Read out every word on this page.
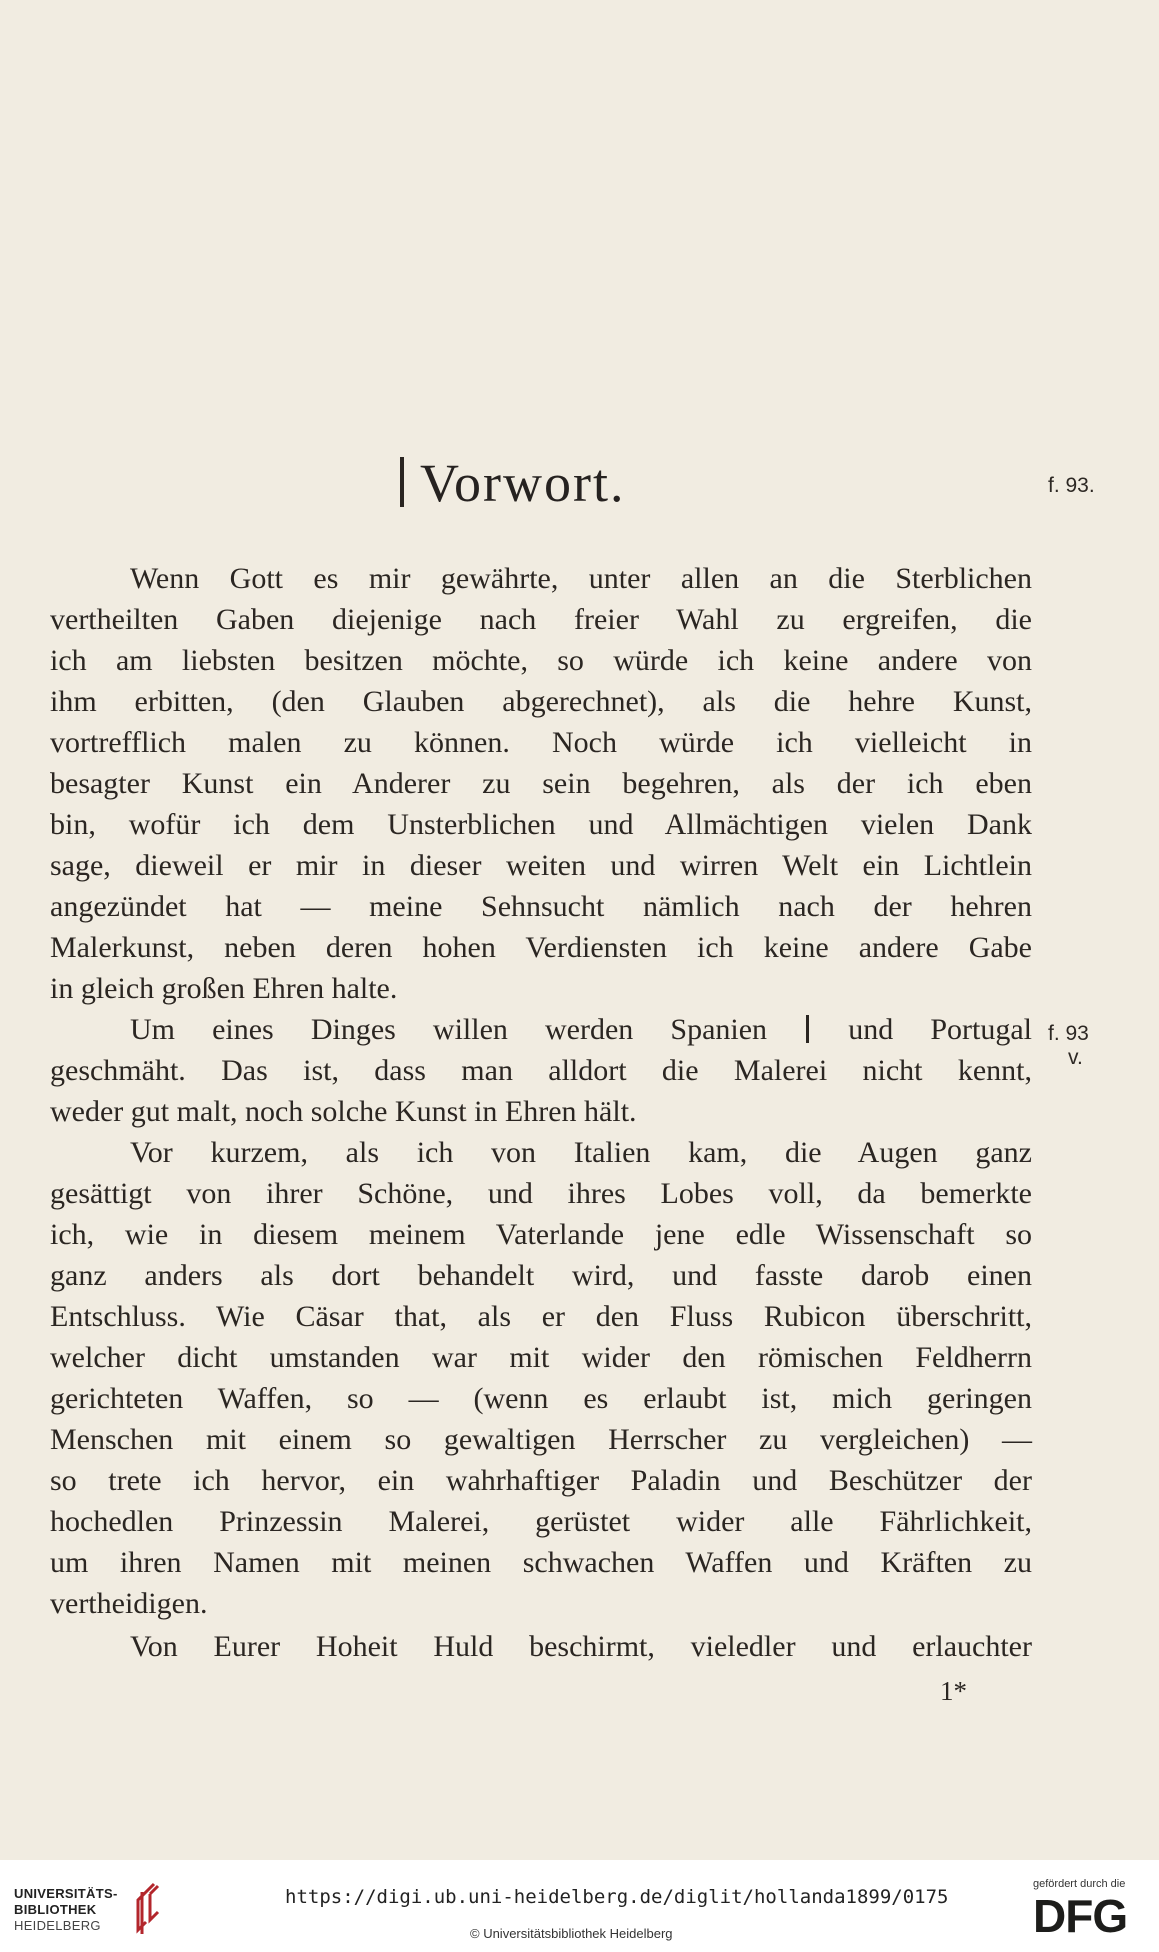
Vorwort.	f. 93.
f. 93
v.
Wenn Gott es mir gewährte, unter allen an die Sterblichen
vertheilten Gaben diejenige nach freier Wahl zu ergreifen, die
ich am liebsten besitzen möchte, so würde ich keine andere von
ihm erbitten, (den Glauben abgerechnet), als die hehre Kunst,
vortrefflich malen zu können. Noch würde ich vielleicht in
besagter Kunst ein Anderer zu sein begehren, als der ich eben
bin, wofür ich dem Unsterblichen und Allmächtigen vielen Dank
sage, dieweil er mir in dieser weiten und wirren Welt ein Lichtlein
angezündet hat — meine Sehnsucht nämlich nach der hehren
Malerkunst, neben deren hohen Verdiensten ich keine andere Gabe
in gleich großen Ehren halte.
Um eines Dinges willen werden Spanien	und Portugal
geschmäht. Das ist, dass man alldort die Malerei nicht kennt,
weder gut malt, noch solche Kunst in Ehren hält.
Vor kurzem, als ich von Italien kam, die Augen ganz
gesättigt von ihrer Schöne, und ihres Lobes voll, da bemerkte
ich, wie in diesem meinem Vaterlande jene edle Wissenschaft so
ganz anders als dort behandelt wird, und fasste darob einen
Entschluss. Wie Cäsar that, als er den Fluss Rubicon überschritt,
welcher dicht umstanden war mit wider den römischen Feldherrn
gerichteten Waffen, so — (wenn es erlaubt ist, mich geringen
Menschen mit einem so gewaltigen Herrscher zu vergleichen) —
so trete ich hervor, ein wahrhaftiger Paladin und Beschützer der
hochedlen Prinzessin Malerei, gerüstet wider alle Fährlichkeit,
um ihren Namen mit meinen schwachen Waffen und Kräften zu
vertheidigen.
Von Eurer Hoheit Huld beschirmt, vieledler und erlauchter
1*
UNIVERSITÄTS-
BIBLIOTHEK
HEIDELBERG
https://digi.ub.uni-heidelberg.de/diglit/hollanda1899/0175
© Universitätsbibliothek Heidelberg
gefördert durch die
DFG
